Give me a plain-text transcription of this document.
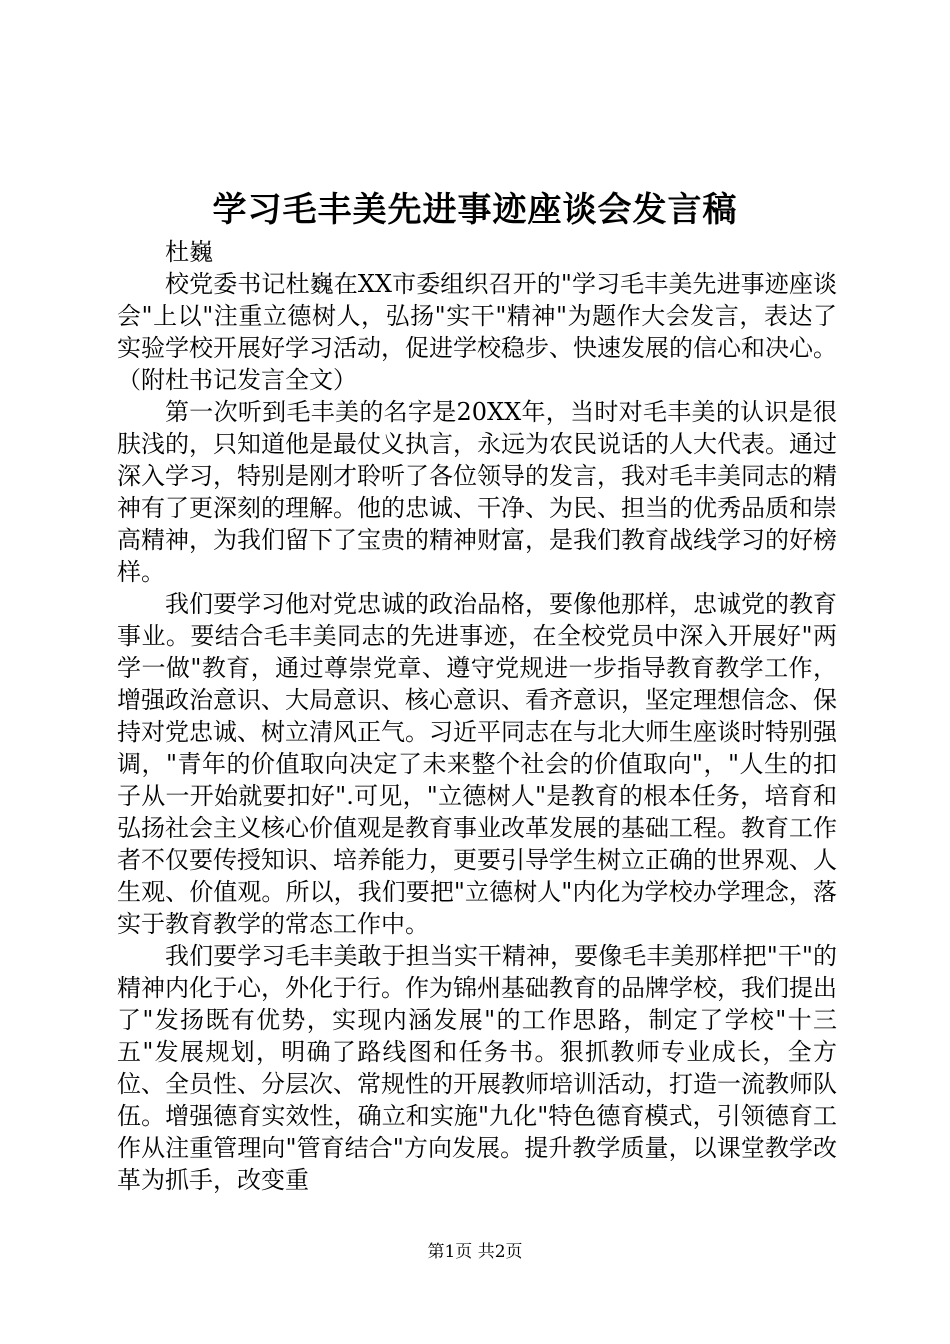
学习毛丰美先进事迹座谈会发言稿

杜巍

校党委书记杜巍在XX市委组织召开的"学习毛丰美先进事迹座谈会"上以"注重立德树人，弘扬"实干"精神"为题作大会发言，表达了实验学校开展好学习活动，促进学校稳步、快速发展的信心和决心。（附杜书记发言全文）

第一次听到毛丰美的名字是20XX年，当时对毛丰美的认识是很肤浅的，只知道他是最仗义执言，永远为农民说话的人大代表。通过深入学习，特别是刚才聆听了各位领导的发言，我对毛丰美同志的精神有了更深刻的理解。他的忠诚、干净、为民、担当的优秀品质和崇高精神，为我们留下了宝贵的精神财富，是我们教育战线学习的好榜样。

我们要学习他对党忠诚的政治品格，要像他那样，忠诚党的教育事业。要结合毛丰美同志的先进事迹，在全校党员中深入开展好"两学一做"教育，通过尊崇党章、遵守党规进一步指导教育教学工作，增强政治意识、大局意识、核心意识、看齐意识，坚定理想信念、保持对党忠诚、树立清风正气。习近平同志在与北大师生座谈时特别强调，"青年的价值取向决定了未来整个社会的价值取向"，"人生的扣子从一开始就要扣好".可见，"立德树人"是教育的根本任务，培育和弘扬社会主义核心价值观是教育事业改革发展的基础工程。教育工作者不仅要传授知识、培养能力，更要引导学生树立正确的世界观、人生观、价值观。所以，我们要把"立德树人"内化为学校办学理念，落实于教育教学的常态工作中。

我们要学习毛丰美敢于担当实干精神，要像毛丰美那样把"干"的精神内化于心，外化于行。作为锦州基础教育的品牌学校，我们提出了"发扬既有优势，实现内涵发展"的工作思路，制定了学校"十三五"发展规划，明确了路线图和任务书。狠抓教师专业成长，全方位、全员性、分层次、常规性的开展教师培训活动，打造一流教师队伍。增强德育实效性，确立和实施"九化"特色德育模式，引领德育工作从注重管理向"管育结合"方向发展。提升教学质量，以课堂教学改革为抓手，改变重

第1页 共2页
